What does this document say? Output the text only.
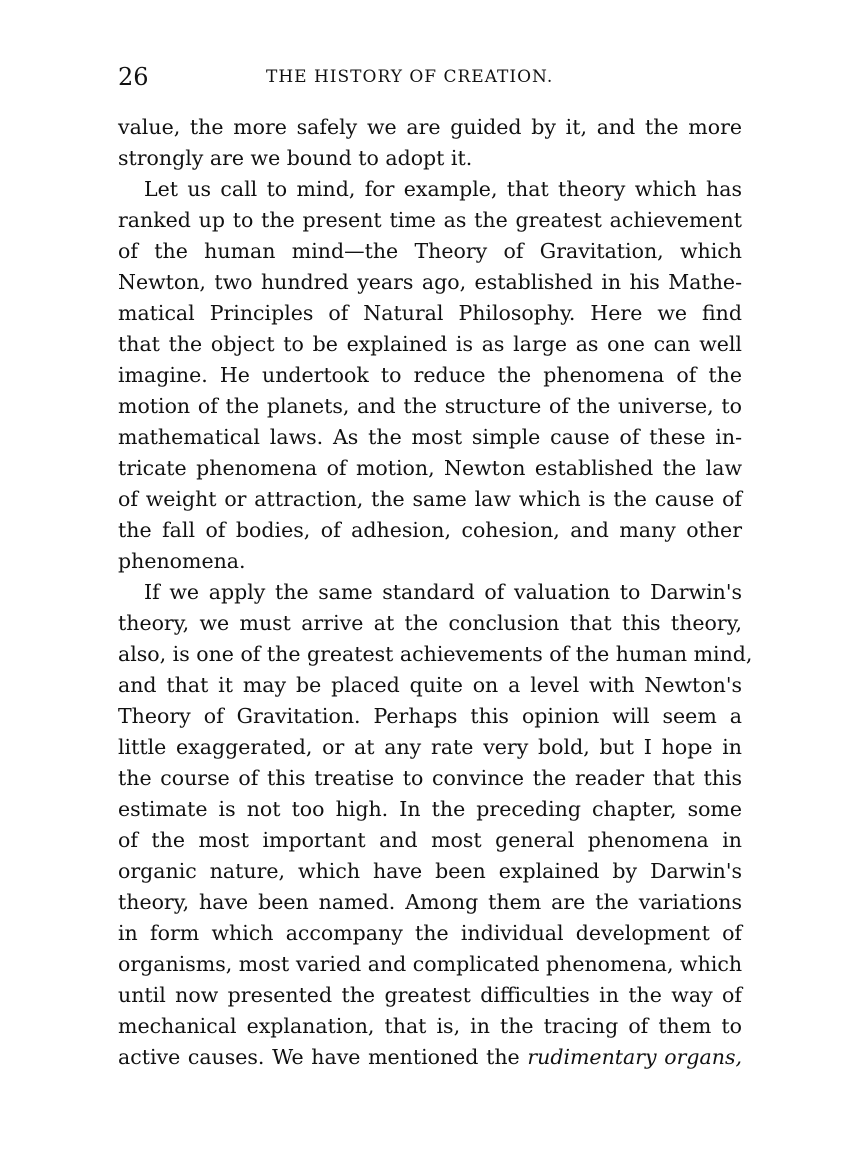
26	THE HISTORY OF CREATION.
value, the more safely we are guided by it, and the more
strongly are we bound to adopt it.
Let us call to mind, for example, that theory which has
ranked up to the present time as the greatest achievement
of the human mind—the Theory of Gravitation, which
Newton, two hundred years ago, established in his Mathe-
matical Principles of Natural Philosophy. Here we find
that the object to be explained is as large as one can well
imagine. He undertook to reduce the phenomena of the
motion of the planets, and the structure of the universe, to
mathematical laws. As the most simple cause of these in-
tricate phenomena of motion, Newton established the law
of weight or attraction, the same law which is the cause of
the fall of bodies, of adhesion, cohesion, and many other
phenomena.
If we apply the same standard of valuation to Darwin's
theory, we must arrive at the conclusion that this theory,
also, is one of the greatest achievements of the human mind,
and that it may be placed quite on a level with Newton's
Theory of Gravitation. Perhaps this opinion will seem a
little exaggerated, or at any rate very bold, but I hope in
the course of this treatise to convince the reader that this
estimate is not too high. In the preceding chapter, some
of the most important and most general phenomena in
organic nature, which have been explained by Darwin's
theory, have been named. Among them are the variations
in form which accompany the individual development of
organisms, most varied and complicated phenomena, which
until now presented the greatest difficulties in the way of
mechanical explanation, that is, in the tracing of them to
active causes. We have mentioned the rudimentary organs,
